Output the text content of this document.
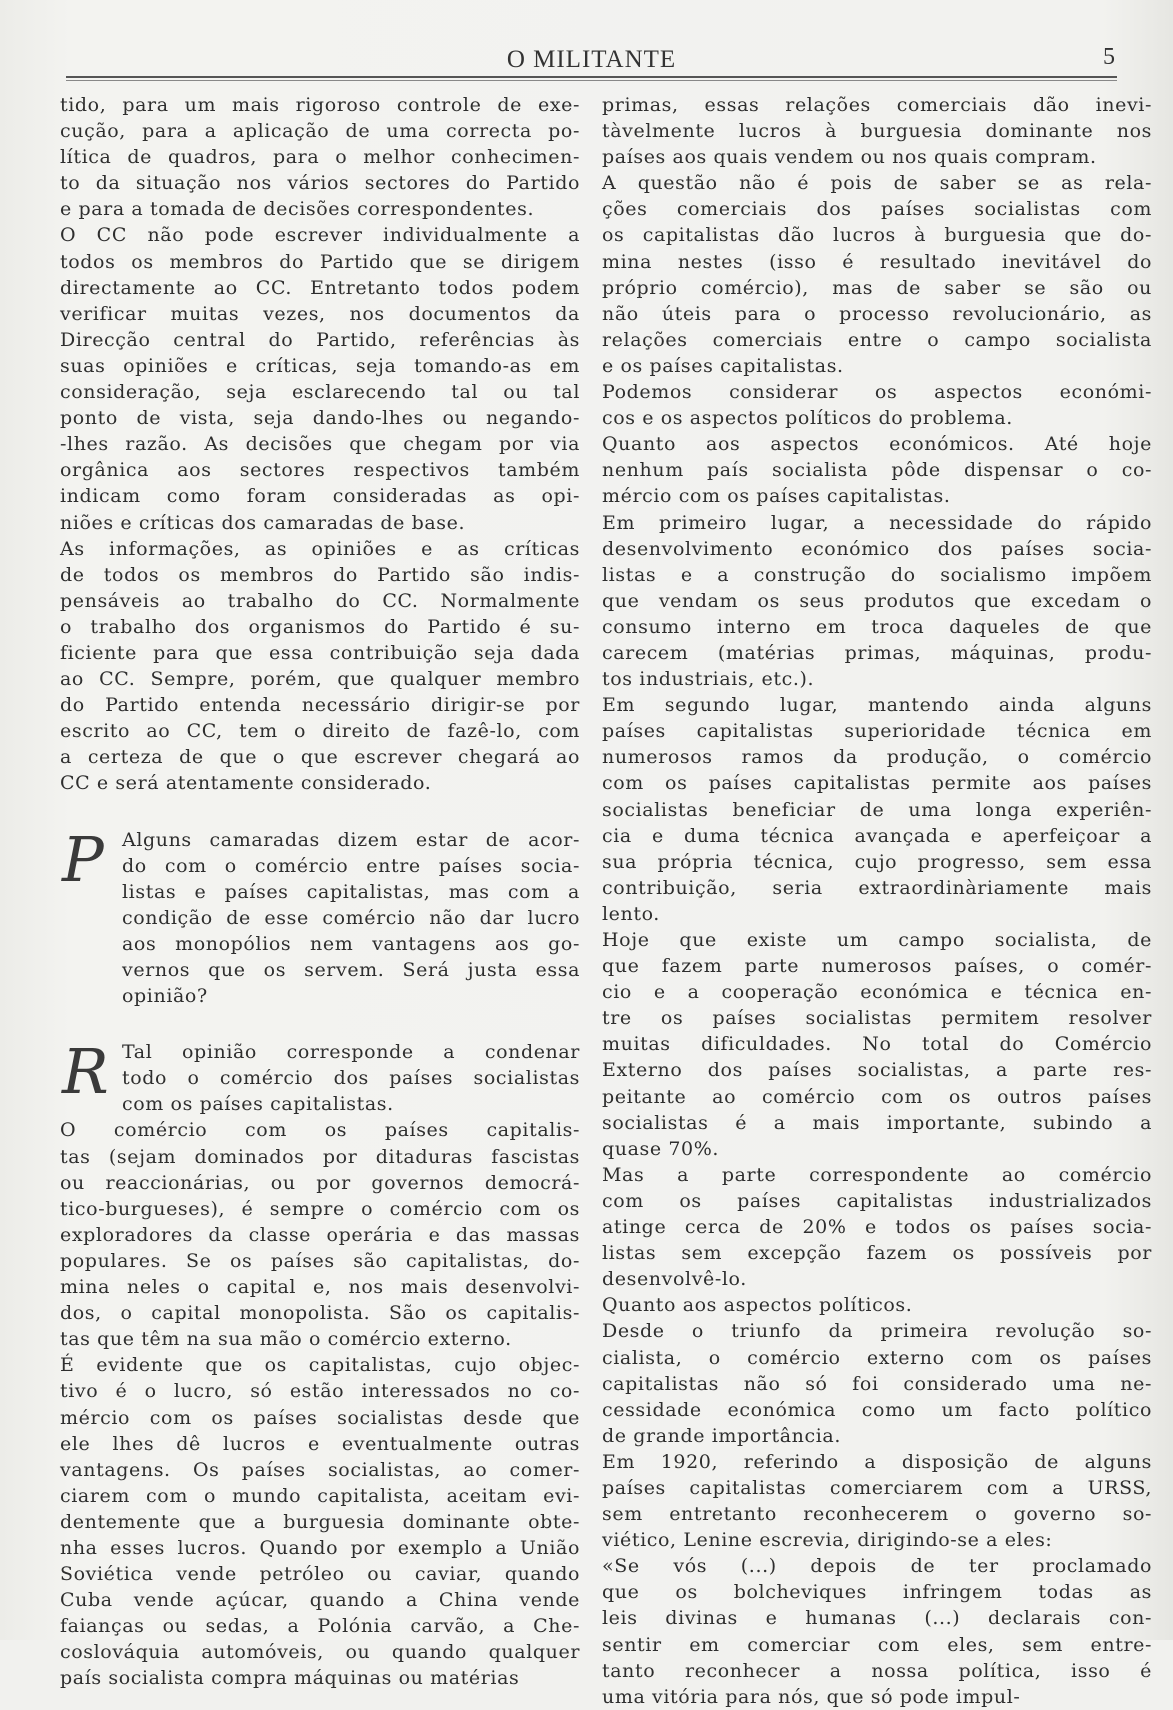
O MILITANTE	5
tido, para um mais rigoroso controle de exe-
cução, para a aplicação de uma correcta po-
lítica de quadros, para o melhor conhecimen-
to da situação nos vários sectores do Partido
e para a tomada de decisões correspondentes.
O CC não pode escrever individualmente a
todos os membros do Partido que se dirigem
directamente ao CC. Entretanto todos podem
verificar muitas vezes, nos documentos da
Direcção central do Partido, referências às
suas opiniões e críticas, seja tomando-as em
consideração, seja esclarecendo tal ou tal
ponto de vista, seja dando-lhes ou negando-
-lhes razão. As decisões que chegam por via
orgânica aos sectores respectivos também
indicam como foram consideradas as opi-
niões e críticas dos camaradas de base.
As informações, as opiniões e as críticas
de todos os membros do Partido são indis-
pensáveis ao trabalho do CC. Normalmente
o trabalho dos organismos do Partido é su-
ficiente para que essa contribuição seja dada
ao CC. Sempre, porém, que qualquer membro
do Partido entenda necessário dirigir-se por
escrito ao CC, tem o direito de fazê-lo, com
a certeza de que o que escrever chegará ao
CC e será atentamente considerado.
P Alguns camaradas dizem estar de acor-
do com o comércio entre países socia-
listas e países capitalistas, mas com a
condição de esse comércio não dar lucro
aos monopólios nem vantagens aos go-
vernos que os servem. Será justa essa
opinião?
R Tal opinião corresponde a condenar
todo o comércio dos países socialistas
com os países capitalistas.
O comércio com os países capitalis-
tas (sejam dominados por ditaduras fascistas
ou reaccionárias, ou por governos democrá-
tico-burgueses), é sempre o comércio com os
exploradores da classe operária e das massas
populares. Se os países são capitalistas, do-
mina neles o capital e, nos mais desenvolvi-
dos, o capital monopolista. São os capitalis-
tas que têm na sua mão o comércio externo.
É evidente que os capitalistas, cujo objec-
tivo é o lucro, só estão interessados no co-
mércio com os países socialistas desde que
ele lhes dê lucros e eventualmente outras
vantagens. Os países socialistas, ao comer-
ciarem com o mundo capitalista, aceitam evi-
dentemente que a burguesia dominante obte-
nha esses lucros. Quando por exemplo a União
Soviética vende petróleo ou caviar, quando
Cuba vende açúcar, quando a China vende
faianças ou sedas, a Polónia carvão, a Che-
coslováquia automóveis, ou quando qualquer
país socialista compra máquinas ou matérias
primas, essas relações comerciais dão inevi-
tàvelmente lucros à burguesia dominante nos
países aos quais vendem ou nos quais compram.
A questão não é pois de saber se as rela-
ções comerciais dos países socialistas com
os capitalistas dão lucros à burguesia que do-
mina nestes (isso é resultado inevitável do
próprio comércio), mas de saber se são ou
não úteis para o processo revolucionário, as
relações comerciais entre o campo socialista
e os países capitalistas.
Podemos considerar os aspectos económi-
cos e os aspectos políticos do problema.
Quanto aos aspectos económicos. Até hoje
nenhum país socialista pôde dispensar o co-
mércio com os países capitalistas.
Em primeiro lugar, a necessidade do rápido
desenvolvimento económico dos países socia-
listas e a construção do socialismo impõem
que vendam os seus produtos que excedam o
consumo interno em troca daqueles de que
carecem (matérias primas, máquinas, produ-
tos industriais, etc.).
Em segundo lugar, mantendo ainda alguns
países capitalistas superioridade técnica em
numerosos ramos da produção, o comércio
com os países capitalistas permite aos países
socialistas beneficiar de uma longa experiên-
cia e duma técnica avançada e aperfeiçoar a
sua própria técnica, cujo progresso, sem essa
contribuição, seria extraordinàriamente mais
lento.
Hoje que existe um campo socialista, de
que fazem parte numerosos países, o comér-
cio e a cooperação económica e técnica en-
tre os países socialistas permitem resolver
muitas dificuldades. No total do Comércio
Externo dos países socialistas, a parte res-
peitante ao comércio com os outros países
socialistas é a mais importante, subindo a
quase 70%.
Mas a parte correspondente ao comércio
com os países capitalistas industrializados
atinge cerca de 20% e todos os países socia-
listas sem excepção fazem os possíveis por
desenvolvê-lo.
Quanto aos aspectos políticos.
Desde o triunfo da primeira revolução so-
cialista, o comércio externo com os países
capitalistas não só foi considerado uma ne-
cessidade económica como um facto político
de grande importância.
Em 1920, referindo a disposição de alguns
países capitalistas comerciarem com a URSS,
sem entretanto reconhecerem o governo so-
viético, Lenine escrevia, dirigindo-se a eles:
«Se vós (...) depois de ter proclamado
que os bolcheviques infringem todas as
leis divinas e humanas (...) declarais con-
sentir em comerciar com eles, sem entre-
tanto reconhecer a nossa política, isso é
uma vitória para nós, que só pode impul-
